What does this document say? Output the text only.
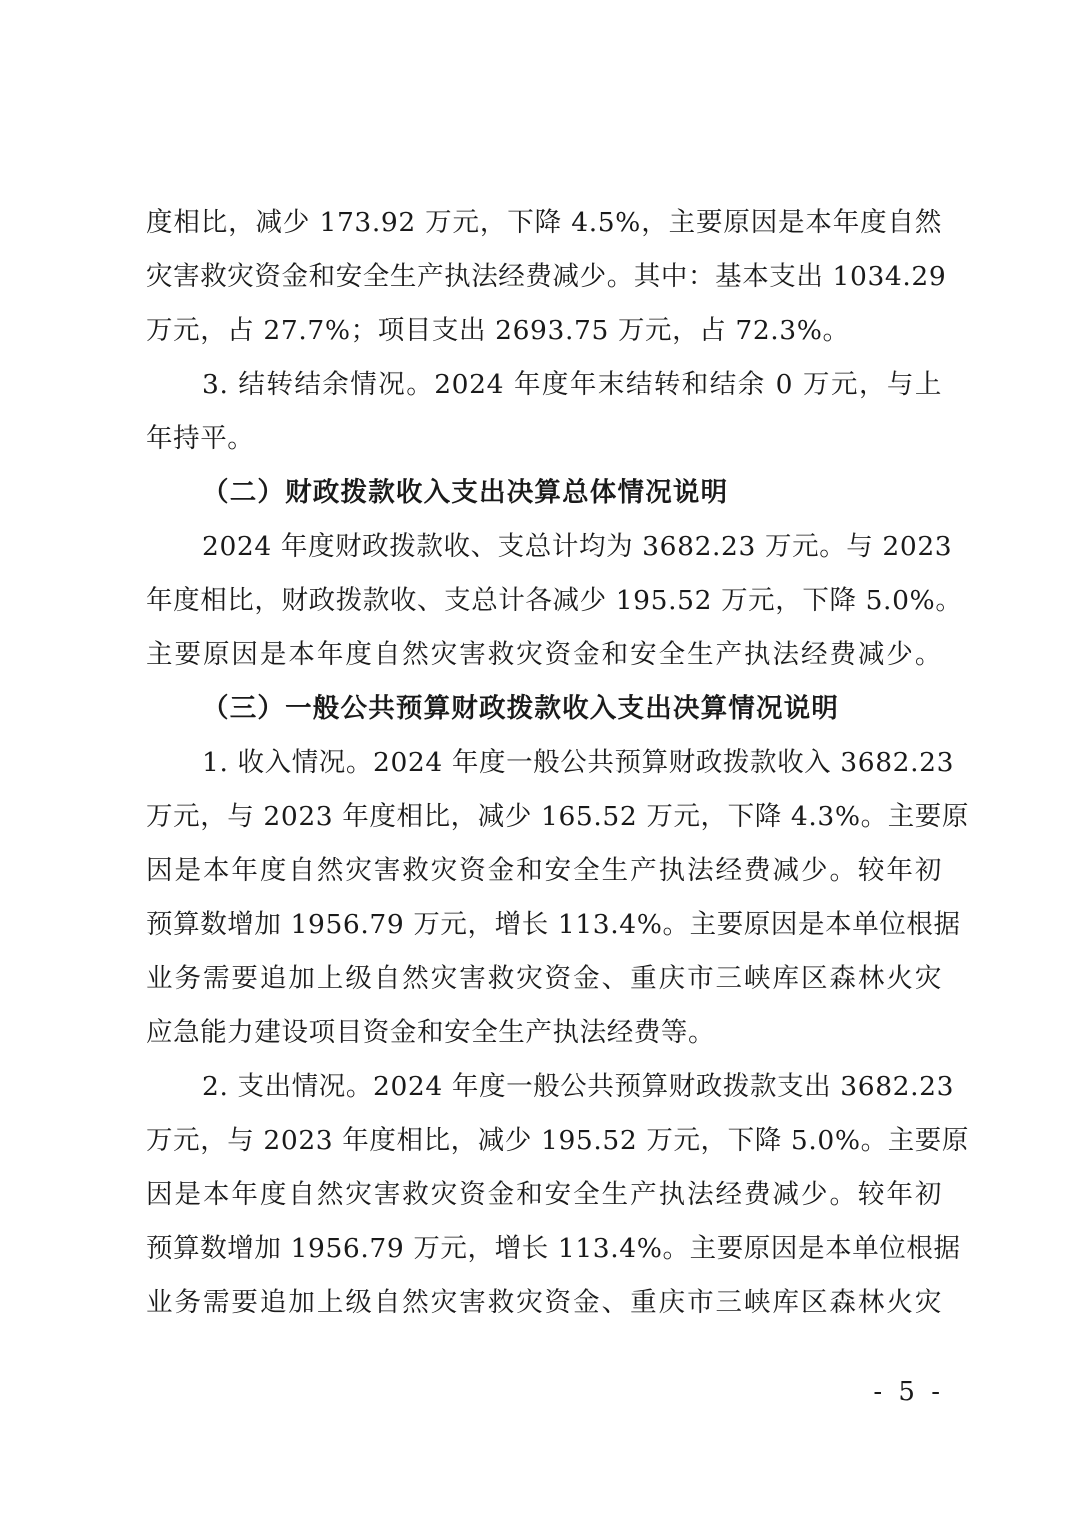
度相比，减少 173.92 万元，下降 4.5%，主要原因是本年度自然
灾害救灾资金和安全生产执法经费减少。其中：基本支出 1034.29
万元，占 27.7%；项目支出 2693.75 万元，占 72.3%。
3. 结转结余情况。2024 年度年末结转和结余 0 万元，与上
年持平。
（二）财政拨款收入支出决算总体情况说明
2024 年度财政拨款收、支总计均为 3682.23 万元。与 2023
年度相比，财政拨款收、支总计各减少 195.52 万元，下降 5.0%。
主要原因是本年度自然灾害救灾资金和安全生产执法经费减少。
（三）一般公共预算财政拨款收入支出决算情况说明
1. 收入情况。2024 年度一般公共预算财政拨款收入 3682.23
万元，与 2023 年度相比，减少 165.52 万元，下降 4.3%。主要原
因是本年度自然灾害救灾资金和安全生产执法经费减少。较年初
预算数增加 1956.79 万元，增长 113.4%。主要原因是本单位根据
业务需要追加上级自然灾害救灾资金、重庆市三峡库区森林火灾
应急能力建设项目资金和安全生产执法经费等。
2. 支出情况。2024 年度一般公共预算财政拨款支出 3682.23
万元，与 2023 年度相比，减少 195.52 万元，下降 5.0%。主要原
因是本年度自然灾害救灾资金和安全生产执法经费减少。较年初
预算数增加 1956.79 万元，增长 113.4%。主要原因是本单位根据
业务需要追加上级自然灾害救灾资金、重庆市三峡库区森林火灾
- 5 -
